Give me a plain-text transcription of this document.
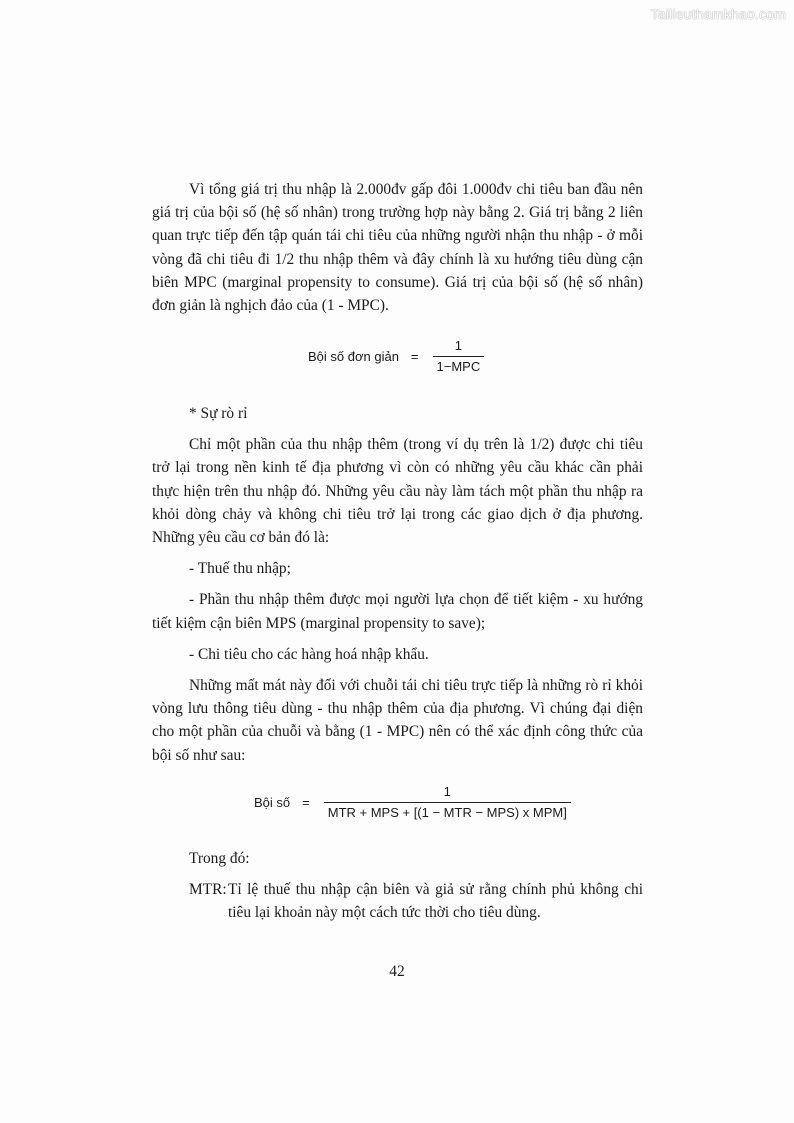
Tailieuthamkhao.com

Vì tổng giá trị thu nhập là 2.000đv gấp đôi 1.000đv chi tiêu ban đầu nên giá trị của bội số (hệ số nhân) trong trường hợp này bằng 2. Giá trị bằng 2 liên quan trực tiếp đến tập quán tái chi tiêu của những người nhận thu nhập - ở mỗi vòng đã chi tiêu đi 1/2 thu nhập thêm và đây chính là xu hướng tiêu dùng cận biên MPC (marginal propensity to consume). Giá trị của bội số (hệ số nhân) đơn giản là nghịch đảo của (1 - MPC).

Bội số đơn giản = $\frac{1}{\text{1−MPC}}$

* Sự rò rỉ

Chỉ một phần của thu nhập thêm (trong ví dụ trên là 1/2) được chi tiêu trở lại trong nền kinh tế địa phương vì còn có những yêu cầu khác cần phải thực hiện trên thu nhập đó. Những yêu cầu này làm tách một phần thu nhập ra khỏi dòng chảy và không chi tiêu trở lại trong các giao dịch ở địa phương. Những yêu cầu cơ bản đó là:

- Thuế thu nhập;

- Phần thu nhập thêm được mọi người lựa chọn để tiết kiệm - xu hướng tiết kiệm cận biên MPS (marginal propensity to save);

- Chi tiêu cho các hàng hoá nhập khẩu.

Những mất mát này đối với chuỗi tái chi tiêu trực tiếp là những rò rỉ khỏi vòng lưu thông tiêu dùng - thu nhập thêm của địa phương. Vì chúng đại diện cho một phần của chuỗi và bằng (1 - MPC) nên có thể xác định công thức của bội số như sau:

Bội số = $\frac{1}{\text{MTR + MPS + [(1 − MTR − MPS) x MPM]}}$

Trong đó:

MTR: Tỉ lệ thuế thu nhập cận biên và giả sử rằng chính phủ không chi tiêu lại khoản này một cách tức thời cho tiêu dùng.
42
